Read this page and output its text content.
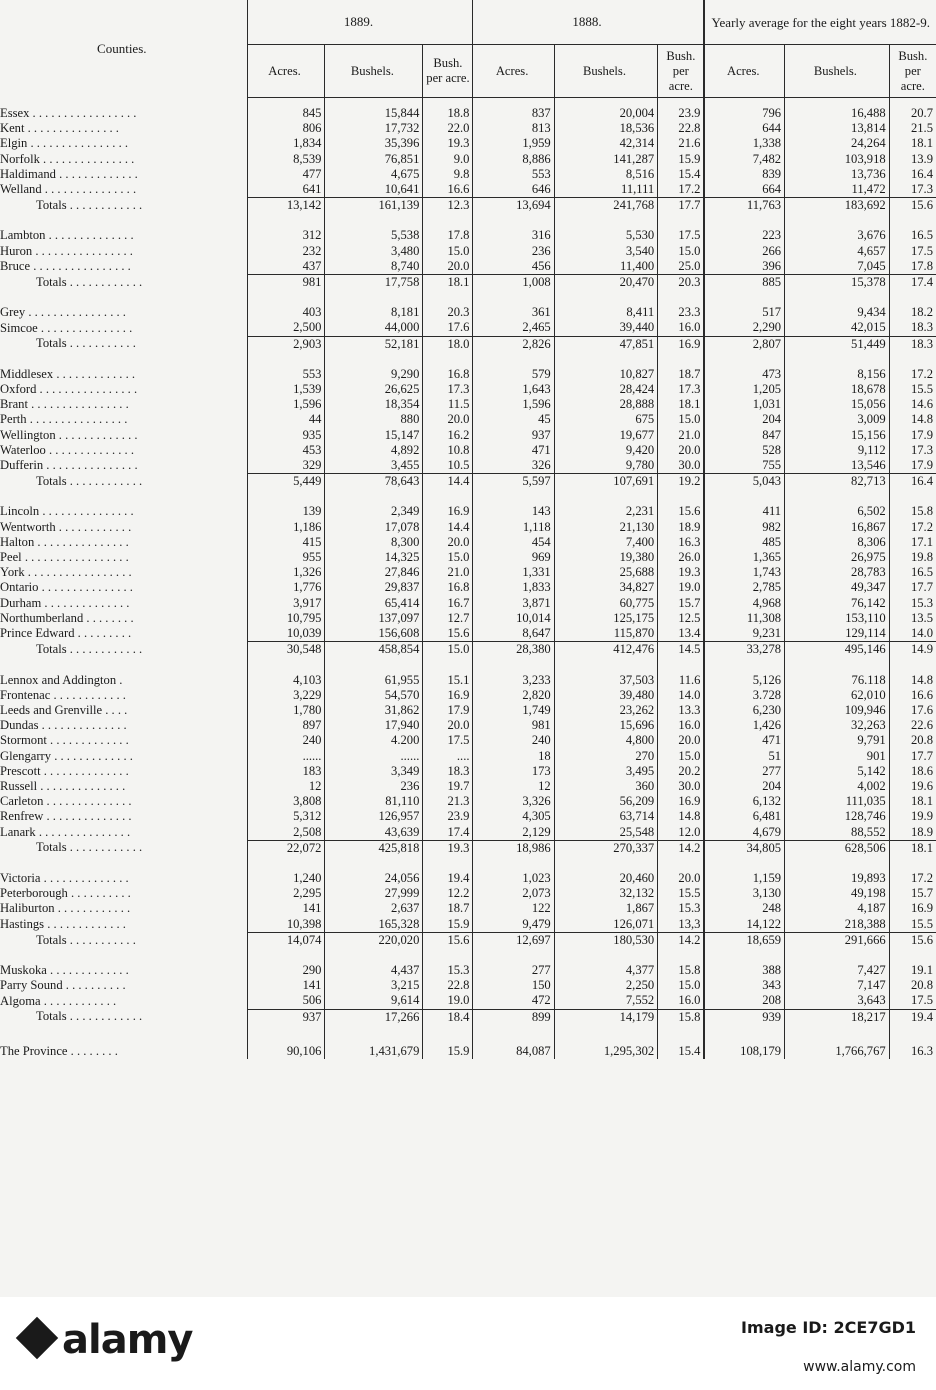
Counties.	1889.			1888.			Yearly average for the eight years 1882-9.		
	Acres.	Bushels.	Bush. per acre.	Acres.	Bushels.	Bush. per acre.	Acres.	Bushels.	Bush. per acre.
Essex . . . . . . . . . . . . . . . . .	845	15,844	18.8	837	20,004	23.9	796	16,488	20.7
Kent . . . . . . . . . . . . . . .	806	17,732	22.0	813	18,536	22.8	644	13,814	21.5
Elgin . . . . . . . . . . . . . . . .	1,834	35,396	19.3	1,959	42,314	21.6	1,338	24,264	18.1
Norfolk . . . . . . . . . . . . . . .	8,539	76,851	9.0	8,886	141,287	15.9	7,482	103,918	13.9
Haldimand . . . . . . . . . . . . .	477	4,675	9.8	553	8,516	15.4	839	13,736	16.4
Welland . . . . . . . . . . . . . . .	641	10,641	16.6	646	11,111	17.2	664	11,472	17.3
Totals . . . . . . . . . . . .	13,142	161,139	12.3	13,694	241,768	17.7	11,763	183,692	15.6

Lambton . . . . . . . . . . . . . .	312	5,538	17.8	316	5,530	17.5	223	3,676	16.5
Huron . . . . . . . . . . . . . . . .	232	3,480	15.0	236	3,540	15.0	266	4,657	17.5
Bruce . . . . . . . . . . . . . . . .	437	8,740	20.0	456	11,400	25.0	396	7,045	17.8
Totals . . . . . . . . . . . .	981	17,758	18.1	1,008	20,470	20.3	885	15,378	17.4

Grey . . . . . . . . . . . . . . . .	403	8,181	20.3	361	8,411	23.3	517	9,434	18.2
Simcoe . . . . . . . . . . . . . . .	2,500	44,000	17.6	2,465	39,440	16.0	2,290	42,015	18.3
Totals . . . . . . . . . . .	2,903	52,181	18.0	2,826	47,851	16.9	2,807	51,449	18.3

Middlesex . . . . . . . . . . . . .	553	9,290	16.8	579	10,827	18.7	473	8,156	17.2
Oxford . . . . . . . . . . . . . . . .	1,539	26,625	17.3	1,643	28,424	17.3	1,205	18,678	15.5
Brant . . . . . . . . . . . . . . . .	1,596	18,354	11.5	1,596	28,888	18.1	1,031	15,056	14.6
Perth . . . . . . . . . . . . . . . .	44	880	20.0	45	675	15.0	204	3,009	14.8
Wellington . . . . . . . . . . . . .	935	15,147	16.2	937	19,677	21.0	847	15,156	17.9
Waterloo . . . . . . . . . . . . . .	453	4,892	10.8	471	9,420	20.0	528	9,112	17.3
Dufferin . . . . . . . . . . . . . . .	329	3,455	10.5	326	9,780	30.0	755	13,546	17.9
Totals . . . . . . . . . . . .	5,449	78,643	14.4	5,597	107,691	19.2	5,043	82,713	16.4

Lincoln . . . . . . . . . . . . . . .	139	2,349	16.9	143	2,231	15.6	411	6,502	15.8
Wentworth . . . . . . . . . . . .	1,186	17,078	14.4	1,118	21,130	18.9	982	16,867	17.2
Halton . . . . . . . . . . . . . . .	415	8,300	20.0	454	7,400	16.3	485	8,306	17.1
Peel . . . . . . . . . . . . . . . . .	955	14,325	15.0	969	19,380	26.0	1,365	26,975	19.8
York . . . . . . . . . . . . . . . . .	1,326	27,846	21.0	1,331	25,688	19.3	1,743	28,783	16.5
Ontario . . . . . . . . . . . . . . .	1,776	29,837	16.8	1,833	34,827	19.0	2,785	49,347	17.7
Durham . . . . . . . . . . . . . .	3,917	65,414	16.7	3,871	60,775	15.7	4,968	76,142	15.3
Northumberland . . . . . . . .	10,795	137,097	12.7	10,014	125,175	12.5	11,308	153,110	13.5
Prince Edward . . . . . . . . .	10,039	156,608	15.6	8,647	115,870	13.4	9,231	129,114	14.0
Totals . . . . . . . . . . . .	30,548	458,854	15.0	28,380	412,476	14.5	33,278	495,146	14.9

Lennox and Addington .	4,103	61,955	15.1	3,233	37,503	11.6	5,126	76.118	14.8
Frontenac . . . . . . . . . . . .	3,229	54,570	16.9	2,820	39,480	14.0	3.728	62,010	16.6
Leeds and Grenville . . . .	1,780	31,862	17.9	1,749	23,262	13.3	6,230	109,946	17.6
Dundas . . . . . . . . . . . . . .	897	17,940	20.0	981	15,696	16.0	1,426	32,263	22.6
Stormont . . . . . . . . . . . . .	240	4.200	17.5	240	4,800	20.0	471	9,791	20.8
Glengarry . . . . . . . . . . . . .	......	......	....	18	270	15.0	51	901	17.7
Prescott . . . . . . . . . . . . . .	183	3,349	18.3	173	3,495	20.2	277	5,142	18.6
Russell . . . . . . . . . . . . . .	12	236	19.7	12	360	30.0	204	4,002	19.6
Carleton . . . . . . . . . . . . . .	3,808	81,110	21.3	3,326	56,209	16.9	6,132	111,035	18.1
Renfrew . . . . . . . . . . . . . .	5,312	126,957	23.9	4,305	63,714	14.8	6,481	128,746	19.9
Lanark . . . . . . . . . . . . . . .	2,508	43,639	17.4	2,129	25,548	12.0	4,679	88,552	18.9
Totals . . . . . . . . . . . .	22,072	425,818	19.3	18,986	270,337	14.2	34,805	628,506	18.1

Victoria . . . . . . . . . . . . . .	1,240	24,056	19.4	1,023	20,460	20.0	1,159	19,893	17.2
Peterborough . . . . . . . . . .	2,295	27,999	12.2	2,073	32,132	15.5	3,130	49,198	15.7
Haliburton . . . . . . . . . . . .	141	2,637	18.7	122	1,867	15.3	248	4,187	16.9
Hastings . . . . . . . . . . . . .	10,398	165,328	15.9	9,479	126,071	13,3	14,122	218,388	15.5
Totals . . . . . . . . . . .	14,074	220,020	15.6	12,697	180,530	14.2	18,659	291,666	15.6

Muskoka . . . . . . . . . . . . .	290	4,437	15.3	277	4,377	15.8	388	7,427	19.1
Parry Sound . . . . . . . . . .	141	3,215	22.8	150	2,250	15.0	343	7,147	20.8
Algoma . . . . . . . . . . . .	506	9,614	19.0	472	7,552	16.0	208	3,643	17.5
Totals . . . . . . . . . . . .	937	17,266	18.4	899	14,179	15.8	939	18,217	19.4

The Province . . . . . . . .	90,106	1,431,679	15.9	84,087	1,295,302	15.4	108,179	1,766,767	16.3
alamy	Image ID: 2CE7GD1
www.alamy.com
